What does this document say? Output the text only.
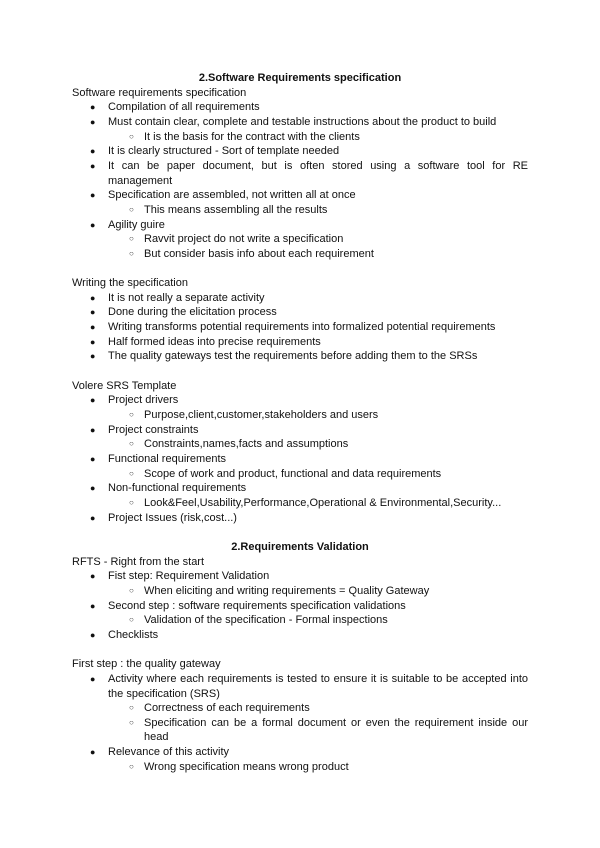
2.Software Requirements specification
Software requirements specification
● Compilation of all requirements
● Must contain clear, complete and testable instructions about the product to build
○ It is the basis for the contract with the clients
● It is clearly structured - Sort of template needed
● It can be paper document, but is often stored using a software tool for RE management
● Specification are assembled, not written all at once
○ This means assembling all the results
● Agility guire
○ Ravvit project do not write a specification
○ But consider basis info about each requirement
Writing the specification
● It is not really a separate activity
● Done during the elicitation process
● Writing transforms potential requirements into formalized potential requirements
● Half formed ideas into precise requirements
● The quality gateways test the requirements before adding them to the SRSs
Volere SRS Template
● Project drivers
○ Purpose,client,customer,stakeholders and users
● Project constraints
○ Constraints,names,facts and assumptions
● Functional requirements
○ Scope of work and product, functional and data requirements
● Non-functional requirements
○ Look&Feel,Usability,Performance,Operational & Environmental,Security...
● Project Issues (risk,cost...)
2.Requirements Validation
RFTS - Right from the start
● Fist step: Requirement Validation
○ When eliciting and writing requirements = Quality Gateway
● Second step : software requirements specification validations
○ Validation of the specification - Formal inspections
● Checklists
First step : the quality gateway
● Activity where each requirements is tested to ensure it is suitable to be accepted into the specification (SRS)
○ Correctness of each requirements
○ Specification can be a formal document or even the requirement inside our head
● Relevance of this activity
○ Wrong specification means wrong product
